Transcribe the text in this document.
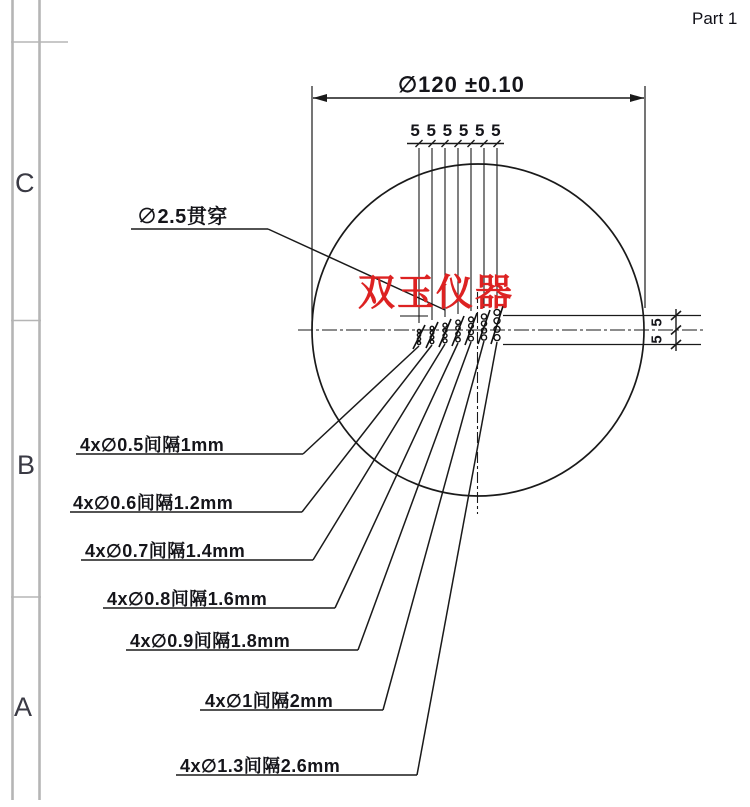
Part 1
C
B
A
∅120 ±0.10
5 5 5 5 5 5
5
5
∅2.5贯穿
4x∅0.5间隔1mm
4x∅0.6间隔1.2mm
4x∅0.7间隔1.4mm
4x∅0.8间隔1.6mm
4x∅0.9间隔1.8mm
4x∅1间隔2mm
4x∅1.3间隔2.6mm
双玉仪器
